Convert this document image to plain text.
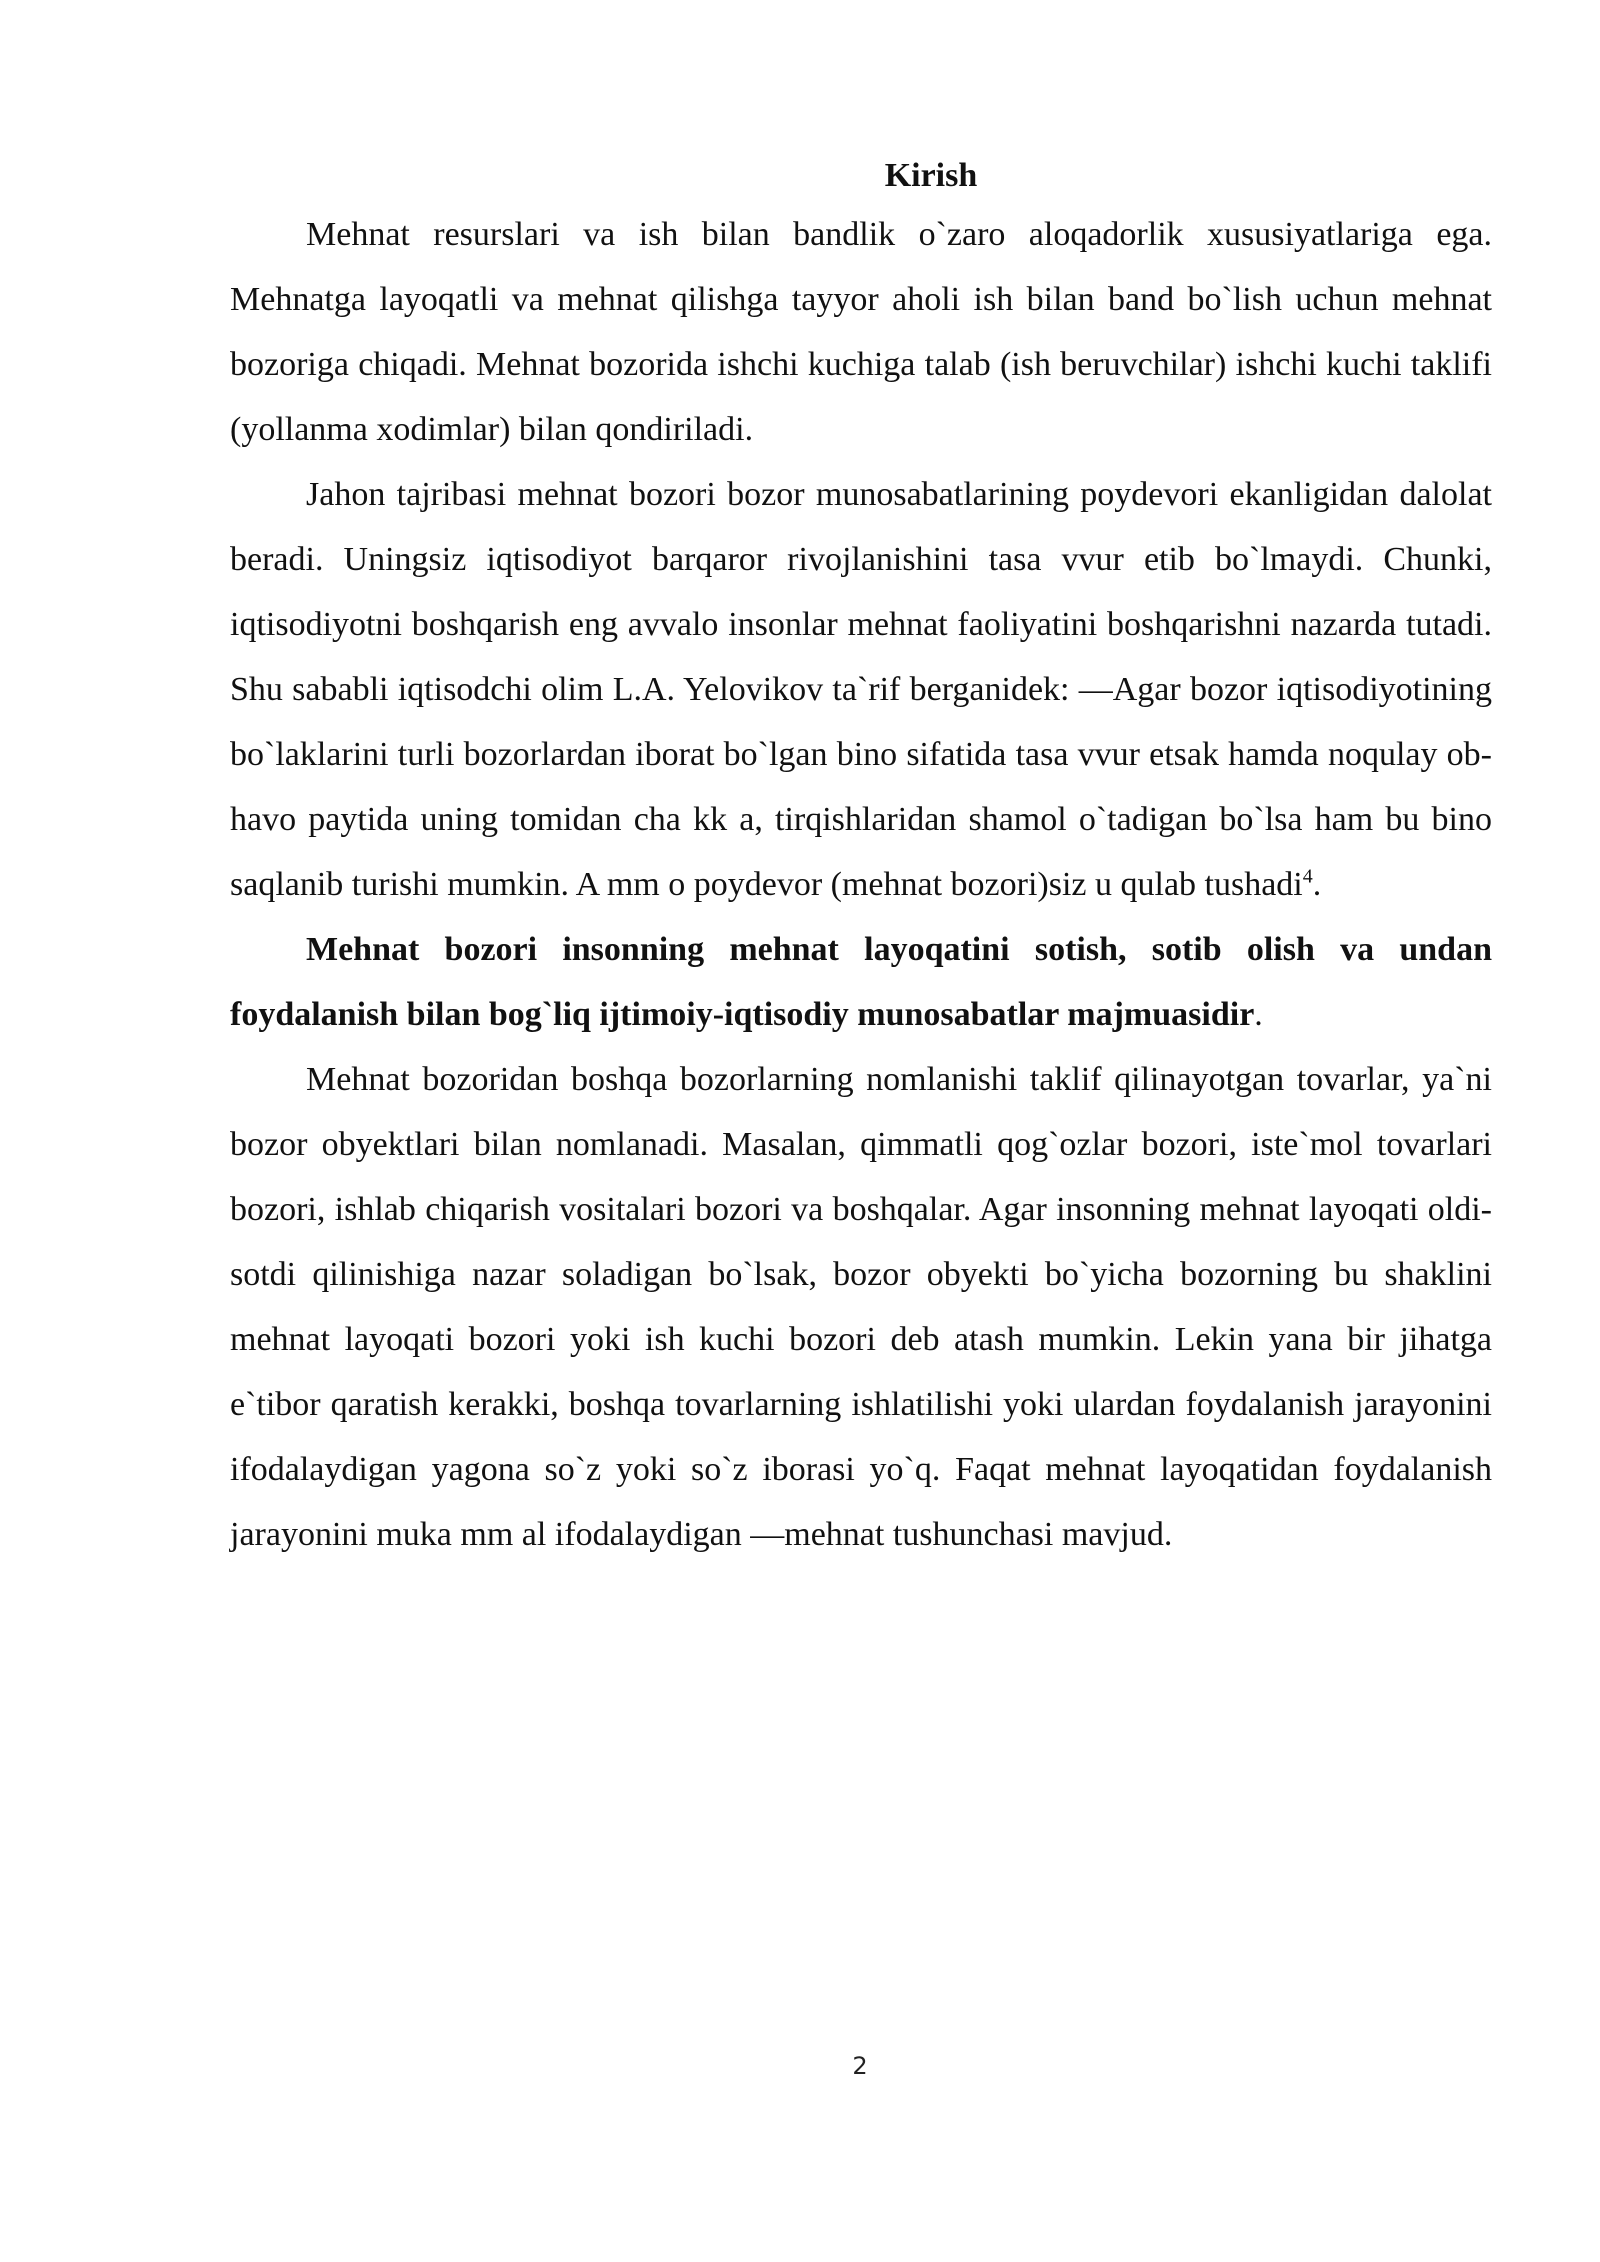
Kirish

Mehnat resurslari va ish bilan bandlik o`zaro aloqadorlik xususiyatlariga ega. Mehnatga layoqatli va mehnat qilishga tayyor aholi ish bilan band bo`lish uchun mehnat bozoriga chiqadi. Mehnat bozorida ishchi kuchiga talab (ish beruvchilar) ishchi kuchi taklifi (yollanma xodimlar) bilan qondiriladi.

Jahon tajribasi mehnat bozori bozor munosabatlarining poydevori ekanligidan dalolat beradi. Uningsiz iqtisodiyot barqaror rivojlanishini tasa vvur etib bo`lmaydi. Chunki, iqtisodiyotni boshqarish eng avvalo insonlar mehnat faoliyatini boshqarishni nazarda tutadi. Shu sababli iqtisodchi olim L.A. Yelovikov ta`rif berganidek: ―Agar bozor iqtisodiyotining bo`laklarini turli bozorlardan iborat bo`lgan bino sifatida tasa vvur etsak hamda noqulay ob-havo paytida uning tomidan cha kk a, tirqishlaridan shamol o`tadigan bo`lsa ham bu bino saqlanib turishi mumkin. A mm o poydevor (mehnat bozori)siz u qulab tushadi$^4$.

Mehnat bozori insonning mehnat layoqatini sotish, sotib olish va undan foydalanish bilan bog`liq ijtimoiy-iqtisodiy munosabatlar majmuasidir.

Mehnat bozoridan boshqa bozorlarning nomlanishi taklif qilinayotgan tovarlar, ya`ni bozor obyektlari bilan nomlanadi. Masalan, qimmatli qog`ozlar bozori, iste`mol tovarlari bozori, ishlab chiqarish vositalari bozori va boshqalar. Agar insonning mehnat layoqati oldi-sotdi qilinishiga nazar soladigan bo`lsak, bozor obyekti bo`yicha bozorning bu shaklini mehnat layoqati bozori yoki ish kuchi bozori deb atash mumkin. Lekin yana bir jihatga e`tibor qaratish kerakki, boshqa tovarlarning ishlatilishi yoki ulardan foydalanish jarayonini ifodalaydigan yagona so`z yoki so`z iborasi yo`q. Faqat mehnat layoqatidan foydalanish jarayonini muka mm al ifodalaydigan ―mehnat tushunchasi mavjud.

2
